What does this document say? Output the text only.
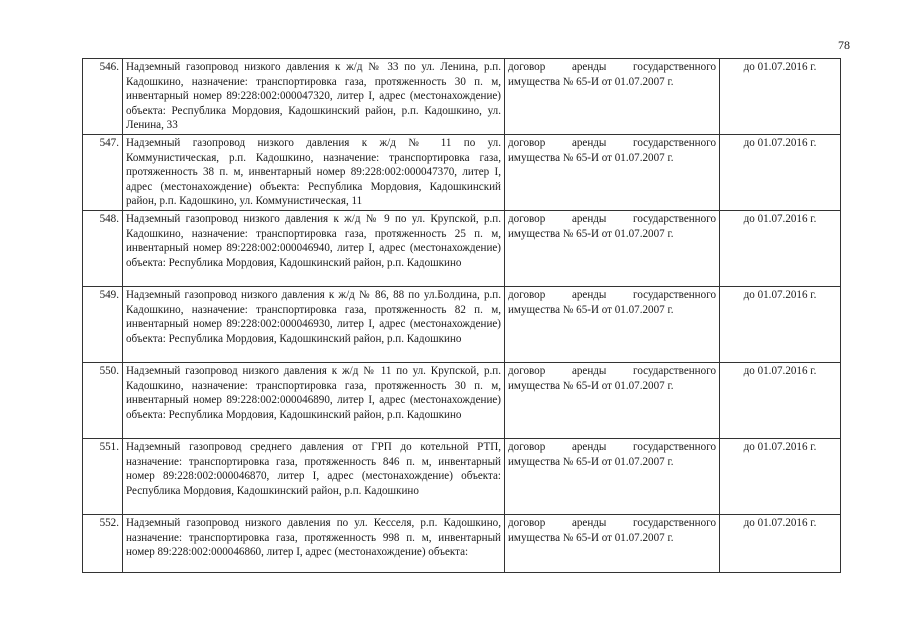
78
546.	Надземный газопровод низкого давления к ж/д № 33 по ул. Ленина, р.п. Кадошкино, назначение: транспортировка газа, протяженность 30 п. м, инвентарный номер 89:228:002:000047320, литер I, адрес (местонахождение) объекта: Республика Мордовия, Кадошкинский район, р.п. Кадошкино, ул. Ленина, 33	договор аренды государственного имущества № 65-И от 01.07.2007 г.	до 01.07.2016 г.
547.	Надземный газопровод низкого давления к ж/д № 11 по ул. Коммунистическая, р.п. Кадошкино, назначение: транспортировка газа, протяженность 38 п. м, инвентарный номер 89:228:002:000047370, литер I, адрес (местонахождение) объекта: Республика Мордовия, Кадошкинский район, р.п. Кадошкино, ул. Коммунистическая, 11	договор аренды государственного имущества № 65-И от 01.07.2007 г.	до 01.07.2016 г.
548.	Надземный газопровод низкого давления к ж/д № 9 по ул. Крупской, р.п. Кадошкино, назначение: транспортировка газа, протяженность 25 п. м, инвентарный номер 89:228:002:000046940, литер I, адрес (местонахождение) объекта: Республика Мордовия, Кадошкинский район, р.п. Кадошкино	договор аренды государственного имущества № 65-И от 01.07.2007 г.	до 01.07.2016 г.
549.	Надземный газопровод низкого давления к ж/д № 86, 88 по ул.Болдина, р.п. Кадошкино, назначение: транспортировка газа, протяженность 82 п. м, инвентарный номер 89:228:002:000046930, литер I, адрес (местонахождение) объекта: Республика Мордовия, Кадошкинский район, р.п. Кадошкино	договор аренды государственного имущества № 65-И от 01.07.2007 г.	до 01.07.2016 г.
550.	Надземный газопровод низкого давления к ж/д № 11 по ул. Крупской, р.п. Кадошкино, назначение: транспортировка газа, протяженность 30 п. м, инвентарный номер 89:228:002:000046890, литер I, адрес (местонахождение) объекта: Республика Мордовия, Кадошкинский район, р.п. Кадошкино	договор аренды государственного имущества № 65-И от 01.07.2007 г.	до 01.07.2016 г.
551.	Надземный газопровод среднего давления от ГРП до котельной РТП, назначение: транспортировка газа, протяженность 846 п. м, инвентарный номер 89:228:002:000046870, литер I, адрес (местонахождение) объекта: Республика Мордовия, Кадошкинский район, р.п. Кадошкино	договор аренды государственного имущества № 65-И от 01.07.2007 г.	до 01.07.2016 г.
552.	Надземный газопровод низкого давления по ул. Кесселя, р.п. Кадошкино, назначение: транспортировка газа, протяженность 998 п. м, инвентарный номер 89:228:002:000046860, литер I, адрес (местонахождение) объекта:	договор аренды государственного имущества № 65-И от 01.07.2007 г.	до 01.07.2016 г.
